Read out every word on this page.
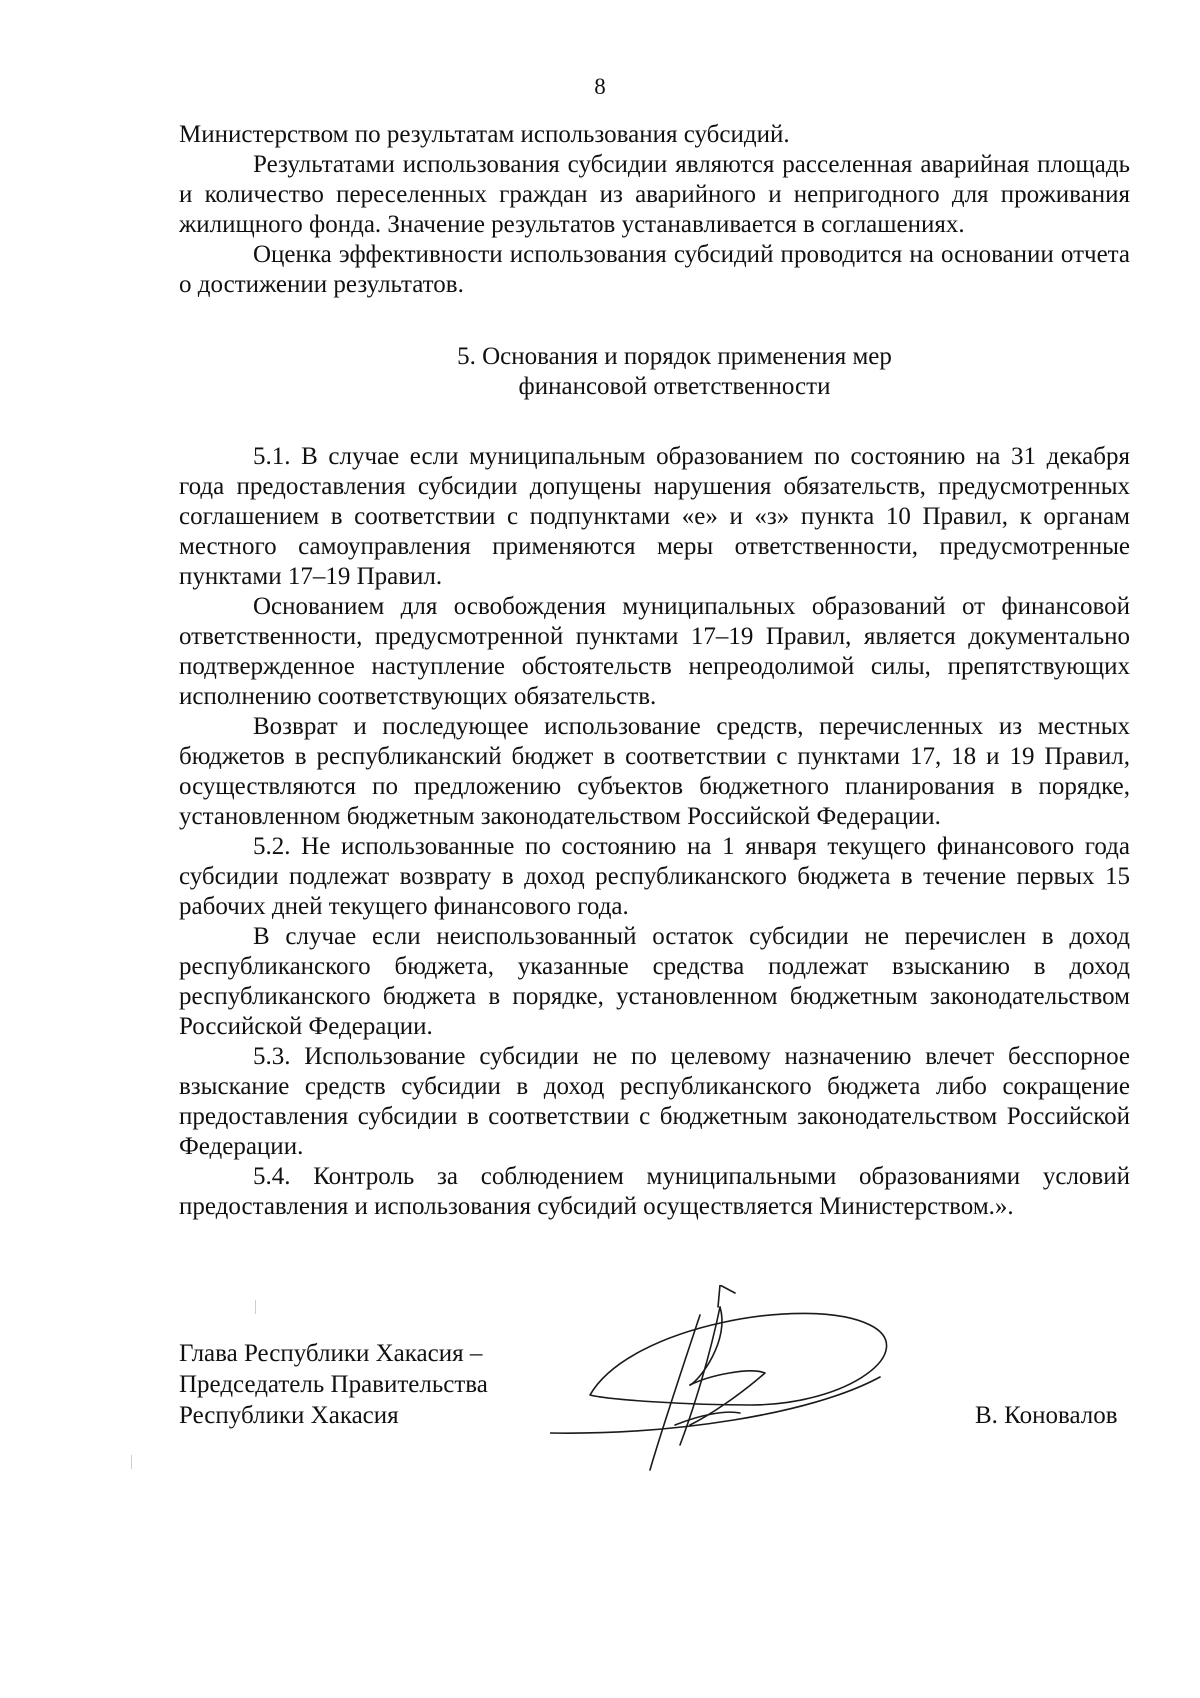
8

Министерством по результатам использования субсидий.

Результатами использования субсидии являются расселенная аварийная площадь и количество переселенных граждан из аварийного и непригодного для проживания жилищного фонда. Значение результатов устанавливается в соглашениях.

Оценка эффективности использования субсидий проводится на основании отчета о достижении результатов.

5. Основания и порядок применения мер
финансовой ответственности

5.1. В случае если муниципальным образованием по состоянию на 31 декабря года предоставления субсидии допущены нарушения обязательств, предусмотренных соглашением в соответствии с подпунктами «е» и «з» пункта 10 Правил, к органам местного самоуправления применяются меры ответственности, предусмотренные пунктами 17–19 Правил.

Основанием для освобождения муниципальных образований от финансовой ответственности, предусмотренной пунктами 17–19 Правил, является документально подтвержденное наступление обстоятельств непреодолимой силы, препятствующих исполнению соответствующих обязательств.

Возврат и последующее использование средств, перечисленных из местных бюджетов в республиканский бюджет в соответствии с пунктами 17, 18 и 19 Правил, осуществляются по предложению субъектов бюджетного планирования в порядке, установленном бюджетным законодательством Российской Федерации.

5.2. Не использованные по состоянию на 1 января текущего финансового года субсидии подлежат возврату в доход республиканского бюджета в течение первых 15 рабочих дней текущего финансового года.

В случае если неиспользованный остаток субсидии не перечислен в доход республиканского бюджета, указанные средства подлежат взысканию в доход республиканского бюджета в порядке, установленном бюджетным законодательством Российской Федерации.

5.3. Использование субсидии не по целевому назначению влечет бесспорное взыскание средств субсидии в доход республиканского бюджета либо сокращение предоставления субсидии в соответствии с бюджетным законодательством Российской Федерации.

5.4. Контроль за соблюдением муниципальными образованиями условий предоставления и использования субсидий осуществляется Министерством.».

Глава Республики Хакасия –
Председатель Правительства
Республики Хакасия	В. Коновалов
